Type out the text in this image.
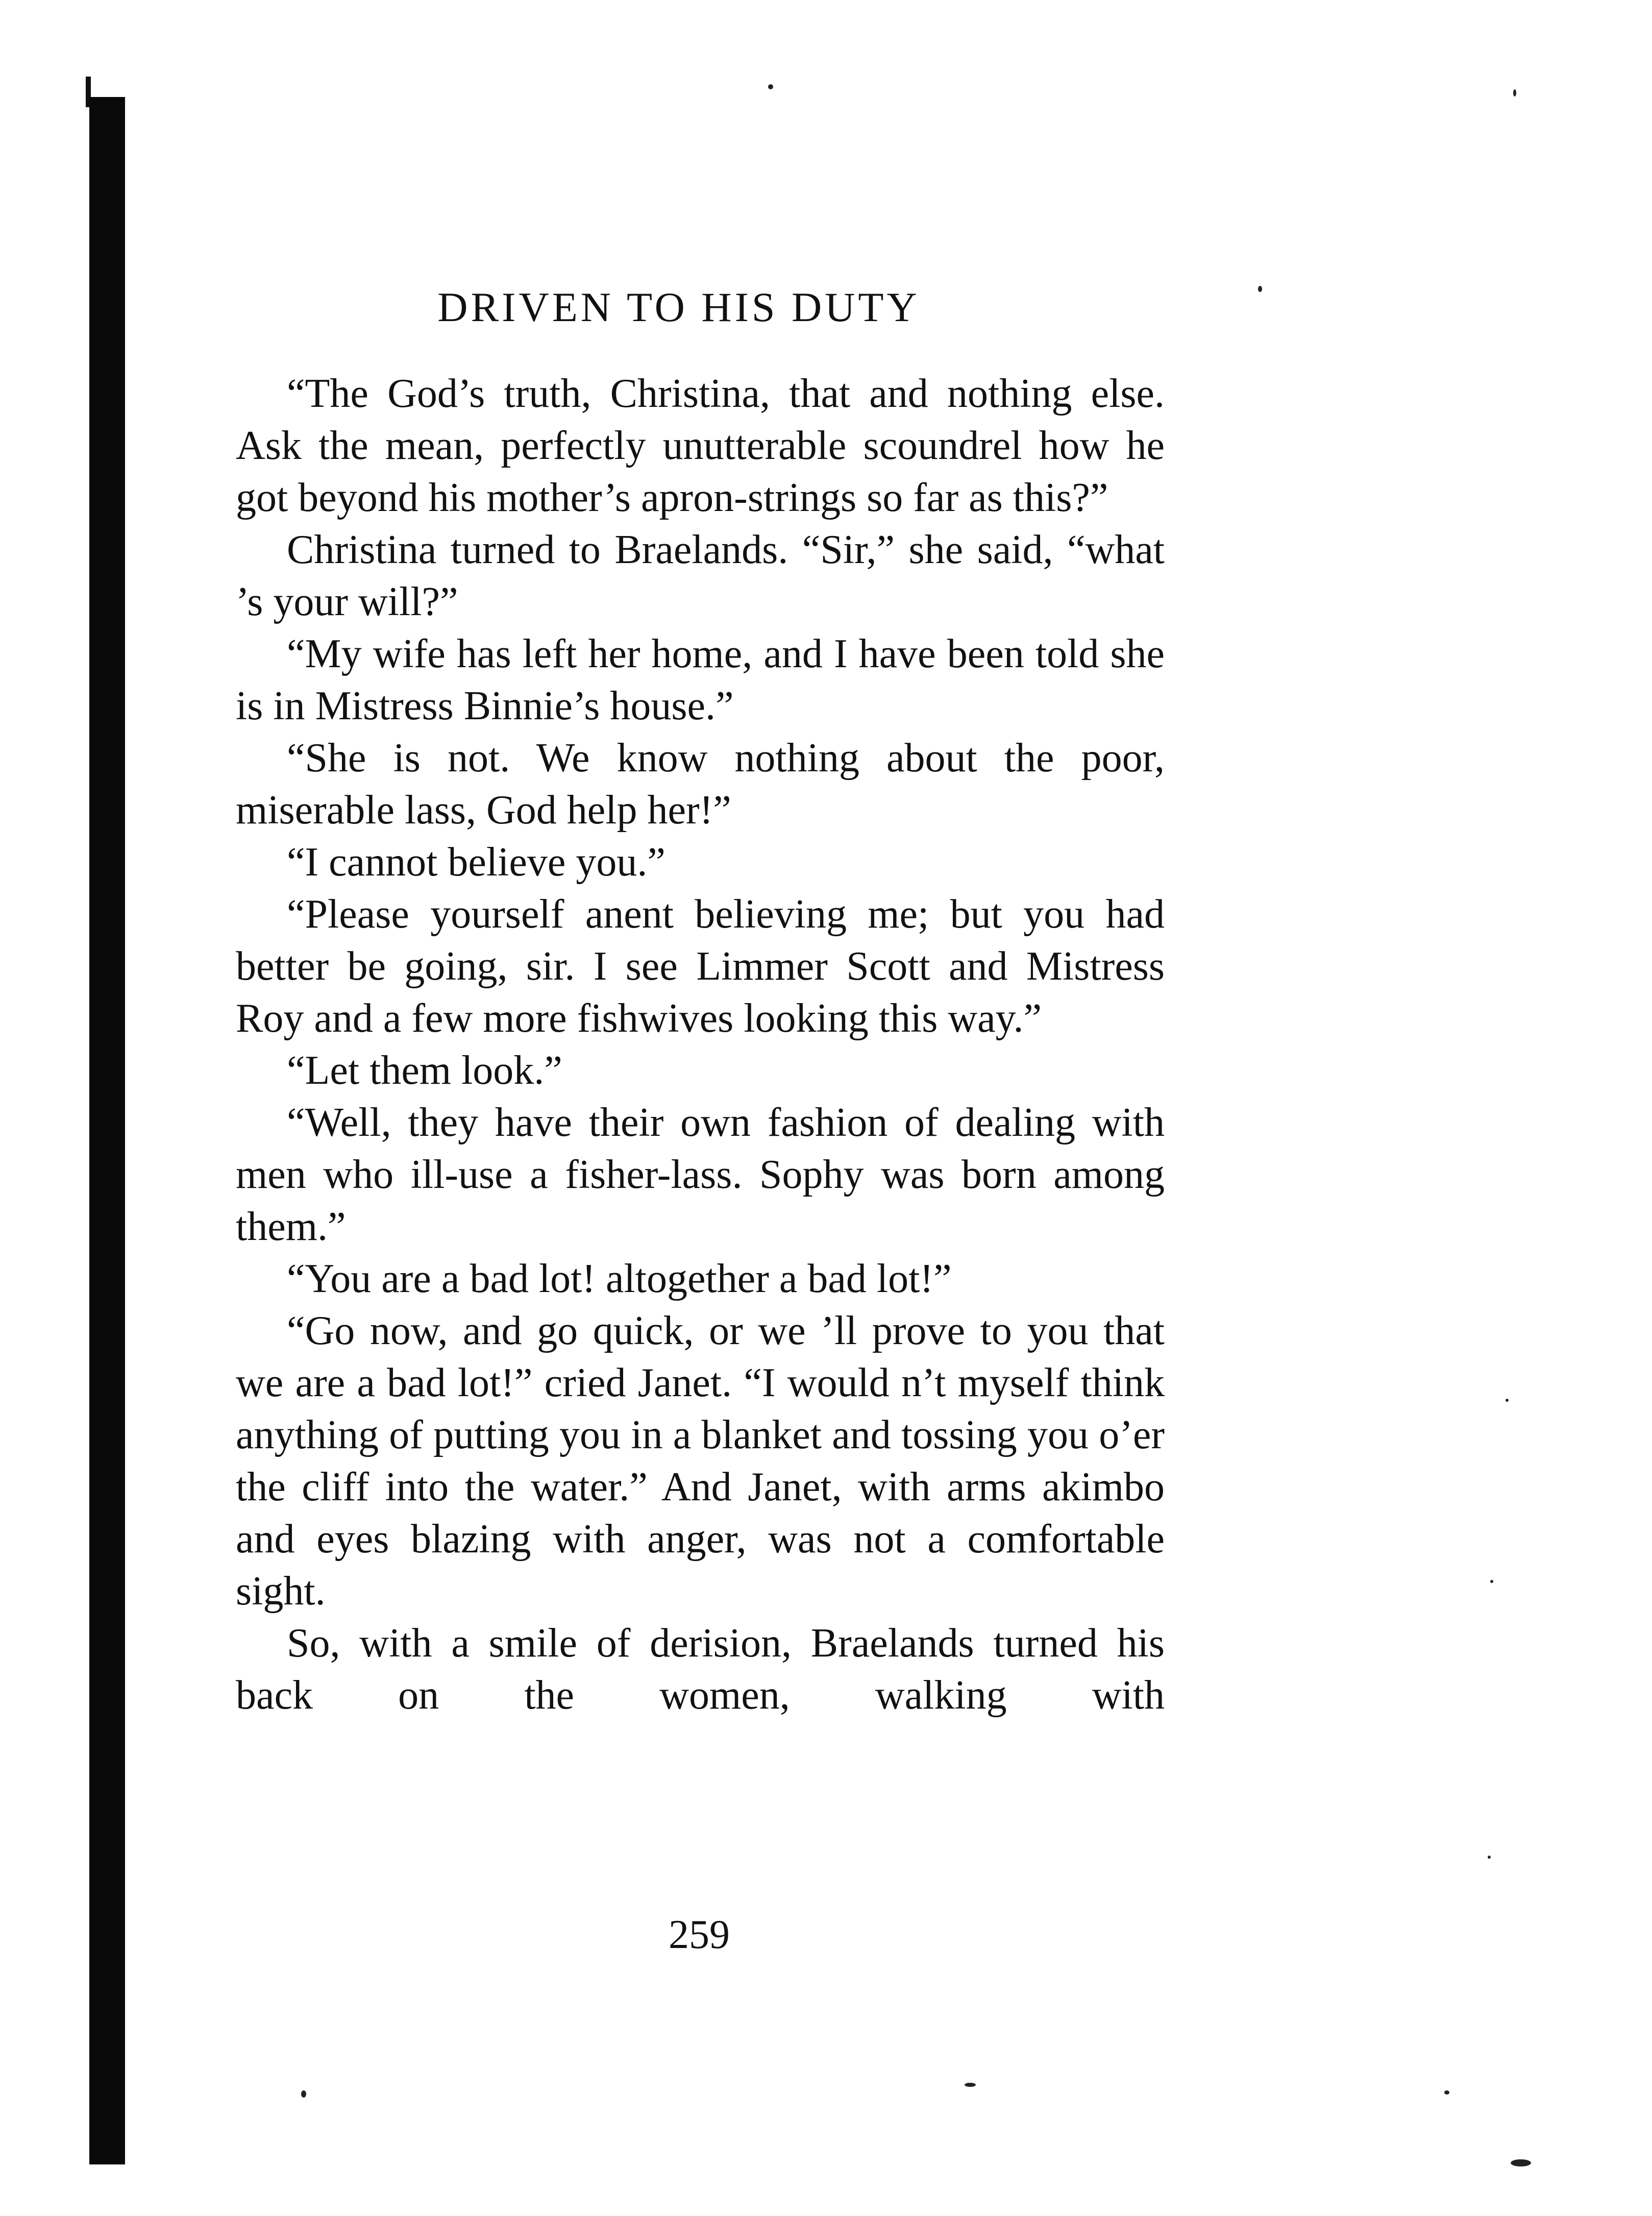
DRIVEN TO HIS DUTY

“The God’s truth, Christina, that and nothing else. Ask the mean, perfectly unutterable scoundrel how he got beyond his mother’s apron-strings so far as this?”

Christina turned to Braelands. “Sir,” she said, “what ’s your will?”

“My wife has left her home, and I have been told she is in Mistress Binnie’s house.”

“She is not. We know nothing about the poor, miserable lass, God help her!”

“I cannot believe you.”

“Please yourself anent believing me; but you had better be going, sir. I see Limmer Scott and Mistress Roy and a few more fishwives looking this way.”

“Let them look.”

“Well, they have their own fashion of dealing with men who ill-use a fisher-lass. Sophy was born among them.”

“You are a bad lot! altogether a bad lot!”

“Go now, and go quick, or we ’ll prove to you that we are a bad lot!” cried Janet. “I would n’t myself think anything of putting you in a blanket and tossing you o’er the cliff into the water.” And Janet, with arms akimbo and eyes blazing with anger, was not a comfortable sight.

So, with a smile of derision, Braelands turned his back on the women, walking with

259
